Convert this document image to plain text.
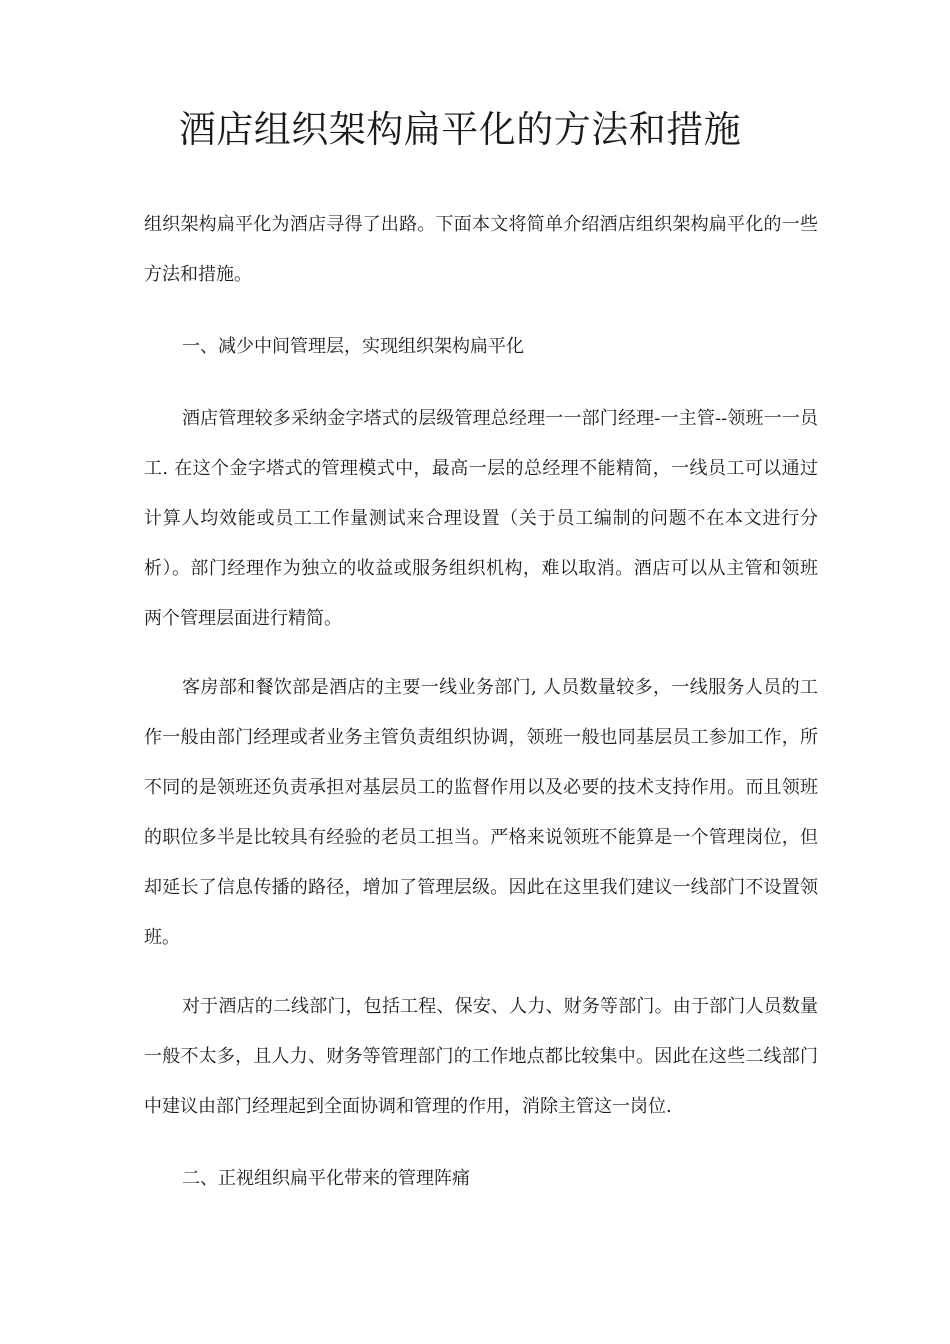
酒店组织架构扁平化的方法和措施

组织架构扁平化为酒店寻得了出路。下面本文将简单介绍酒店组织架构扁平化的一些方法和措施。

一、减少中间管理层，实现组织架构扁平化

酒店管理较多采纳金字塔式的层级管理总经理一一部门经理-一主管--领班一一员工. 在这个金字塔式的管理模式中，最高一层的总经理不能精简，一线员工可以通过计算人均效能或员工工作量测试来合理设置（关于员工编制的问题不在本文进行分析）。部门经理作为独立的收益或服务组织机构，难以取消。酒店可以从主管和领班两个管理层面进行精简。

客房部和餐饮部是酒店的主要一线业务部门, 人员数量较多，一线服务人员的工作一般由部门经理或者业务主管负责组织协调，领班一般也同基层员工参加工作，所不同的是领班还负责承担对基层员工的监督作用以及必要的技术支持作用。而且领班的职位多半是比较具有经验的老员工担当。严格来说领班不能算是一个管理岗位，但却延长了信息传播的路径，增加了管理层级。因此在这里我们建议一线部门不设置领班。

对于酒店的二线部门，包括工程、保安、人力、财务等部门。由于部门人员数量一般不太多，且人力、财务等管理部门的工作地点都比较集中。因此在这些二线部门中建议由部门经理起到全面协调和管理的作用，消除主管这一岗位.

二、正视组织扁平化带来的管理阵痛
